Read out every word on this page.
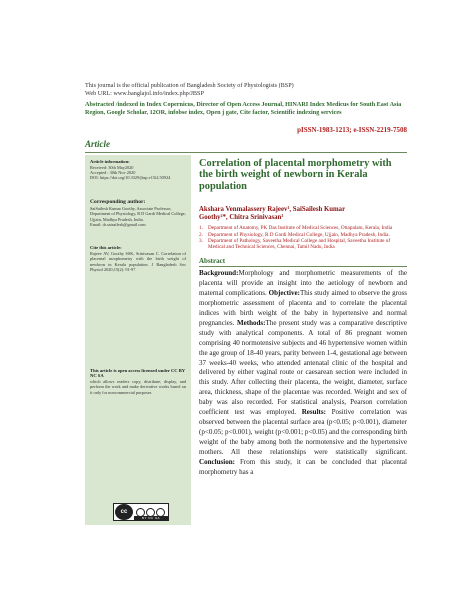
This journal is the official publication of Bangladesh Society of Physiologists (BSP)
Web URL: www.banglajol.info/index.php/JBSP
Abstracted /indexed in Index Copernicus, Director of Open Access Journal, HINARI Index Medicus for South East Asia Region, Google Scholar, 12OR, infobse index, Open j gate, Cite factor, Scientific indexing services
pISSN-1983-1213; e-ISSN-2219-7508
Article
Article information:
Received: 30th May2020
Accepted : 30th Nov 2020
DOI: https://doi.org/10.3329/jbsp.v15i2.50924
Corresponding author:
SaiSailesh Kumar Goothy, Associate Professor, Department of Physiology, R D Gardi Medical College, Ujjain, Madhya Pradesh, India.
Email: dr.saisailesh@gmail.com
Cite this article:
Rajeev AV, Goothy SSK, Srinivasan C. Correlation of placental morphometry with the birth weight of newborn in Kerala population. J Bangladesh Soc Physiol 2020;15(2): 91-97
This article is open access licensed under CC BY NC SA
which allows readers copy, distribute, display, and perform the work and make derivative works based on it only for noncommercial purposes.
cc
BY NC SA
Correlation of placental morphometry with the birth weight of newborn in Kerala population
Akshara Venmalassery Rajeev¹, SaiSailesh Kumar
Goothy²*, Chitra Srinivasan³
1. Department of Anatomy, PK Das Institute of Medical Sciences, Ottapalam, Kerala, India
2. Department of Physiology, R D Gardi Medical College, Ujjain, Madhya Pradesh, India.
3. Department of Pathology, Saveetha Medical College and Hospital, Saveetha Institute of Medical and Technical Sciences, Chennai, Tamil Nadu, India
Abstract
Background:Morphology and morphometric measurements of the placenta will provide an insight into the aetiology of newborn and maternal complications. Objective:This study aimed to observe the gross morphometric assessment of placenta and to correlate the placental indices with birth weight of the baby in hypertensive and normal pregnancies. Methods:The present study was a comparative descriptive study with analytical components. A total of 86 pregnant women comprising 40 normotensive subjects and 46 hypertensive women within the age group of 18-40 years, parity between 1-4, gestational age between 37 weeks-40 weeks, who attended antenatal clinic of the hospital and delivered by either vaginal route or caesarean section were included in this study. After collecting their placenta, the weight, diameter, surface area, thickness, shape of the placentae was recorded. Weight and sex of baby was also recorded. For statistical analysis, Pearson correlation coefficient test was employed. Results: Positive correlation was observed between the placental surface area (p<0.05; p<0.001), diameter (p<0.05; p<0.001), weight (p<0.001; p<0.05) and the corresponding birth weight of the baby among both the normotensive and the hypertensive mothers. All these relationships were statistically significant. Conclusion: From this study, it can be concluded that placental morphometry has a
